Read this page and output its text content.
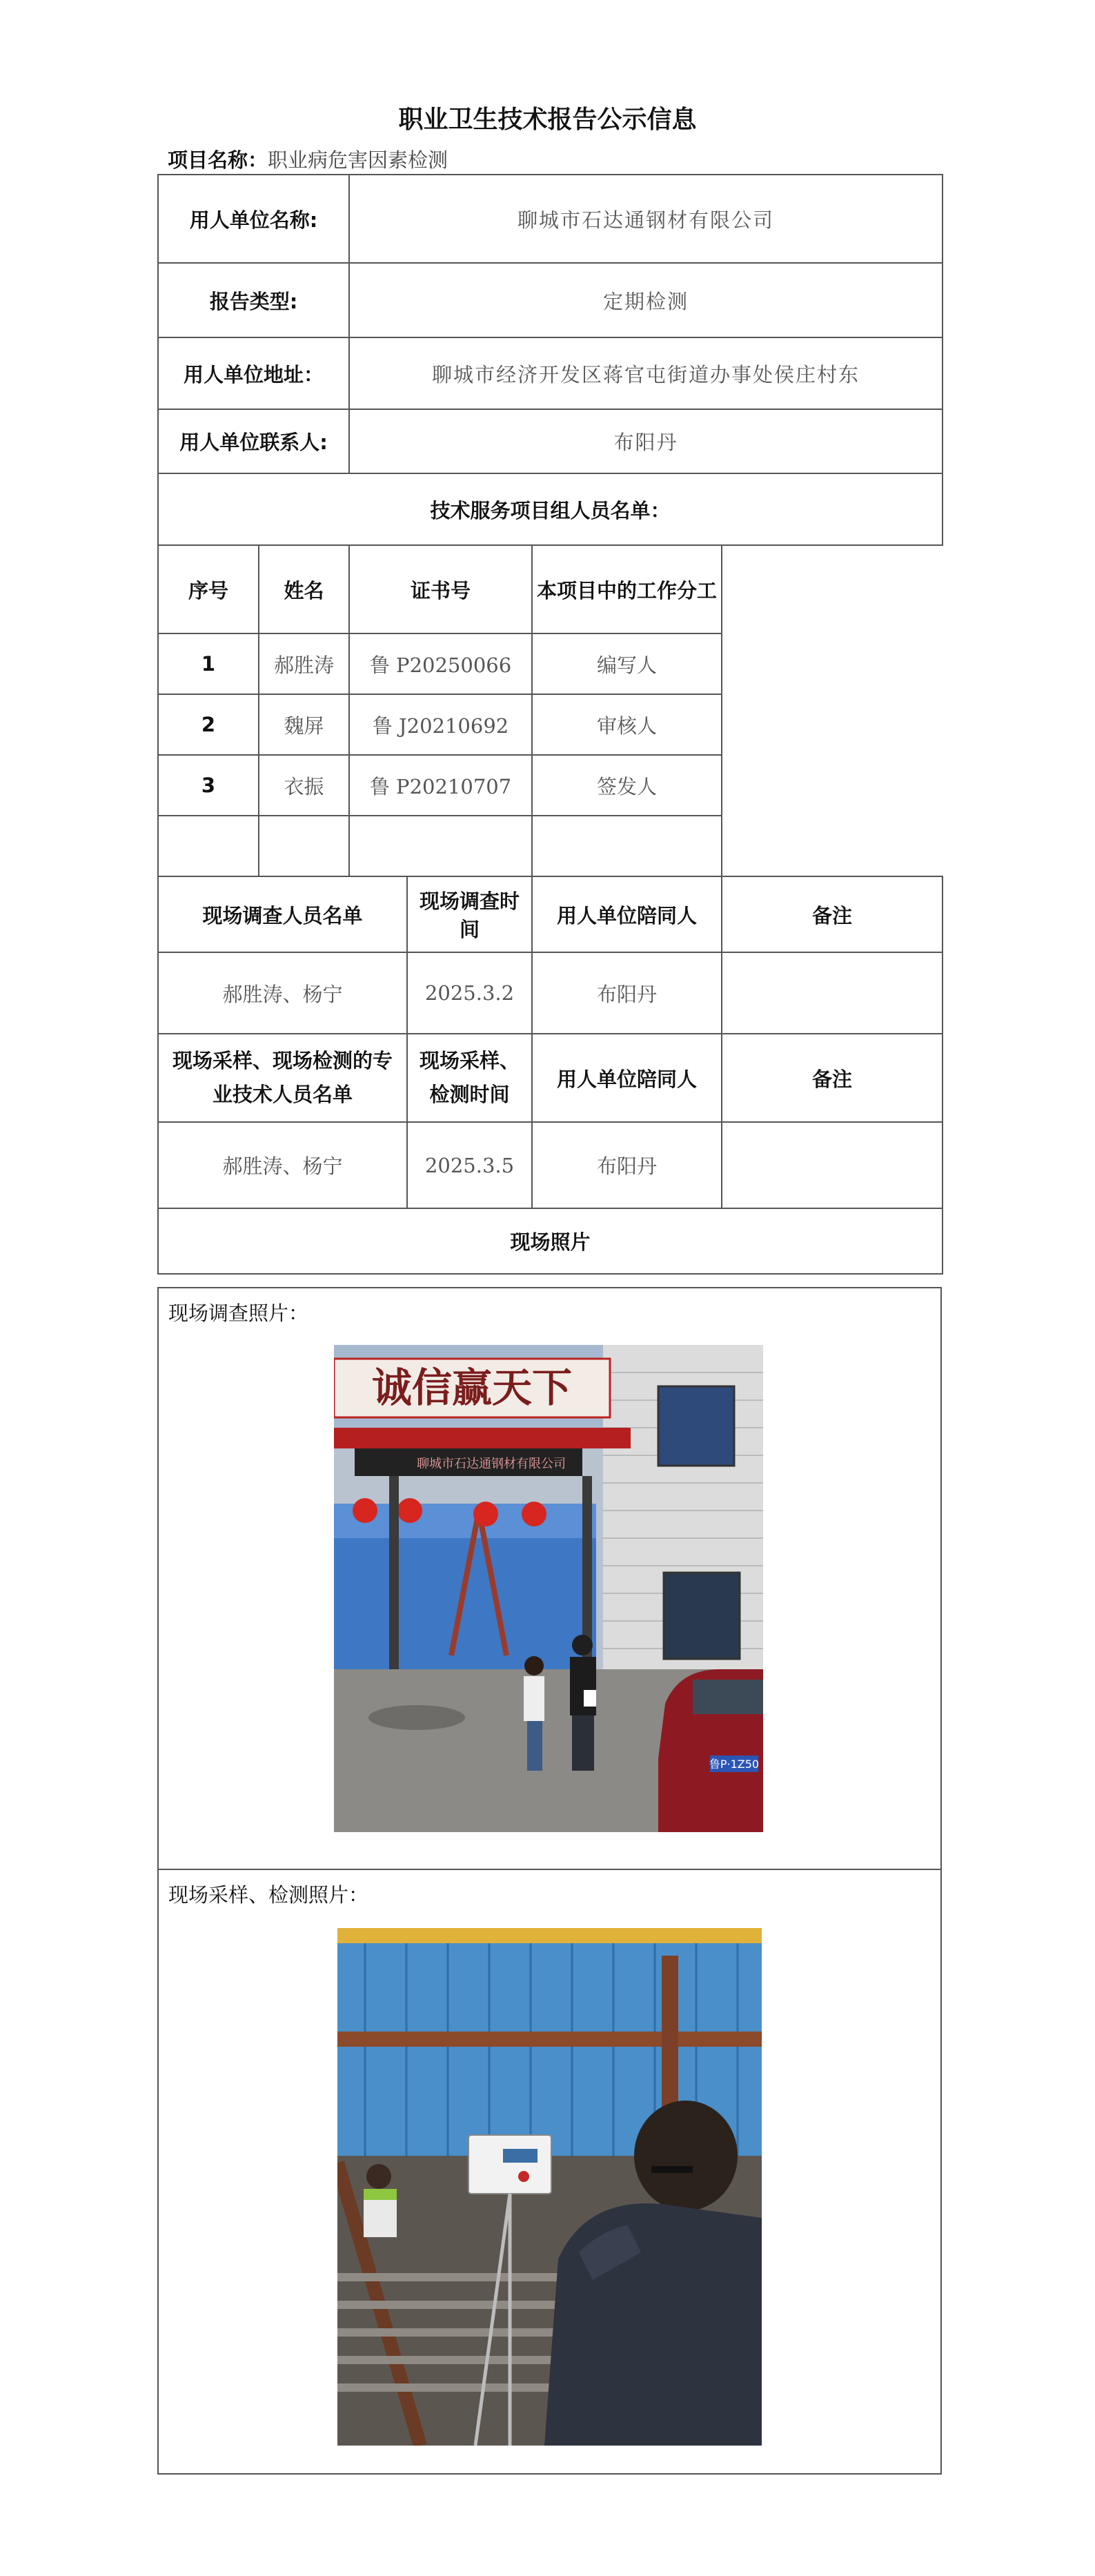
职业卫生技术报告公示信息
项目名称：职业病危害因素检测
用人单位名称:		聊城市石达通钢材有限公司			
报告类型:		定期检测			
用人单位地址：		聊城市经济开发区蒋官屯街道办事处侯庄村东			
用人单位联系人:		布阳丹			
技术服务项目组人员名单：					
序号	姓名	证书号		本项目中的工作分工	
1	郝胜涛	鲁 P20250066		编写人	
2	魏屏	鲁 J20210692		审核人	
3	衣振	鲁 P20210707		签发人	

现场调查人员名单			现场调查时间	用人单位陪同人	备注
郝胜涛、杨宁			2025.3.2	布阳丹	
现场采样、现场检测的专业技术人员名单			现场采样、检测时间	用人单位陪同人	备注
郝胜涛、杨宁			2025.3.5	布阳丹	
现场照片					
现场调查照片：
诚信赢天下
聊城市石达通钢材有限公司
鲁P·1Z50
现场采样、检测照片：
